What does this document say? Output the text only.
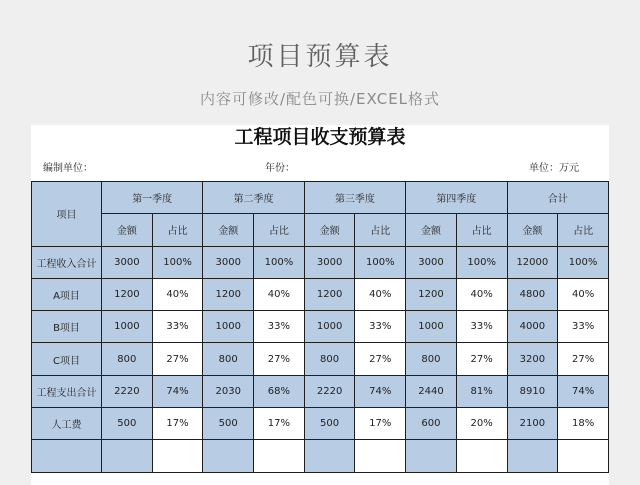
项目预算表
内容可修改/配色可换/EXCEL格式
工程项目收支预算表
编制单位：	年份：	单位：万元
项目	第一季度		第二季度		第三季度		第四季度		合计	
	金额	占比	金额	占比	金额	占比	金额	占比	金额	占比
工程收入合计	3000	100%	3000	100%	3000	100%	3000	100%	12000	100%
A项目	1200	40%	1200	40%	1200	40%	1200	40%	4800	40%
B项目	1000	33%	1000	33%	1000	33%	1000	33%	4000	33%
C项目	800	27%	800	27%	800	27%	800	27%	3200	27%
工程支出合计	2220	74%	2030	68%	2220	74%	2440	81%	8910	74%
人工费	500	17%	500	17%	500	17%	600	20%	2100	18%
